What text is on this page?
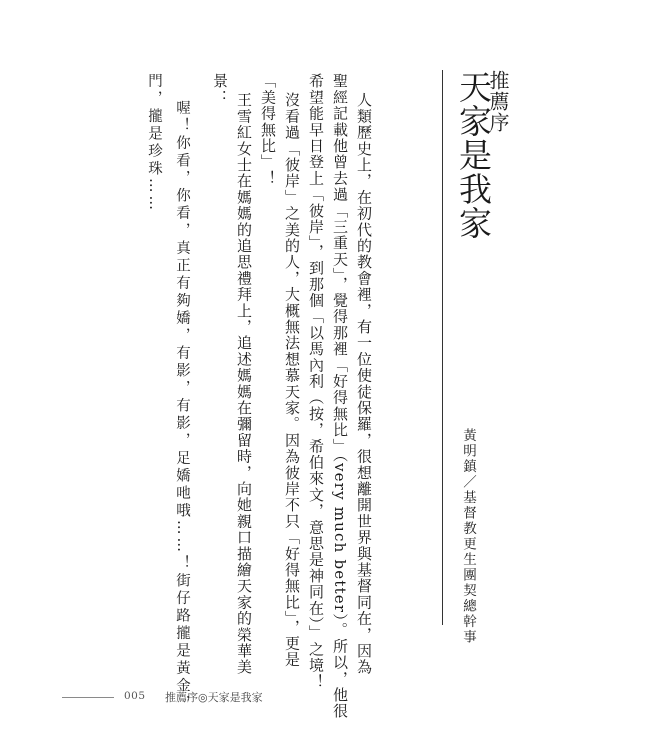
推薦序
天家是我家
黃明鎮／基督教更生團契總幹事
人類歷史上，在初代的教會裡，有一位使徒保羅，很想離開世界與基督同在，因為
聖經記載他曾去過「三重天」，覺得那裡「好得無比」（very much better）。所以，他很
希望能早日登上「彼岸」，到那個「以馬內利（按，希伯來文，意思是神同在）」之境！
沒看過「彼岸」之美的人，大概無法想慕天家。因為彼岸不只「好得無比」，更是
「美得無比」！
王雪紅女士在媽媽的追思禮拜上，追述媽媽在彌留時，向她親口描繪天家的榮華美
景：
喔！你看，你看，真正有夠嬌，有影，有影，足嬌吔哦……！街仔路攏是黃金，
門，攏是珍珠……
005 推薦序◎天家是我家
